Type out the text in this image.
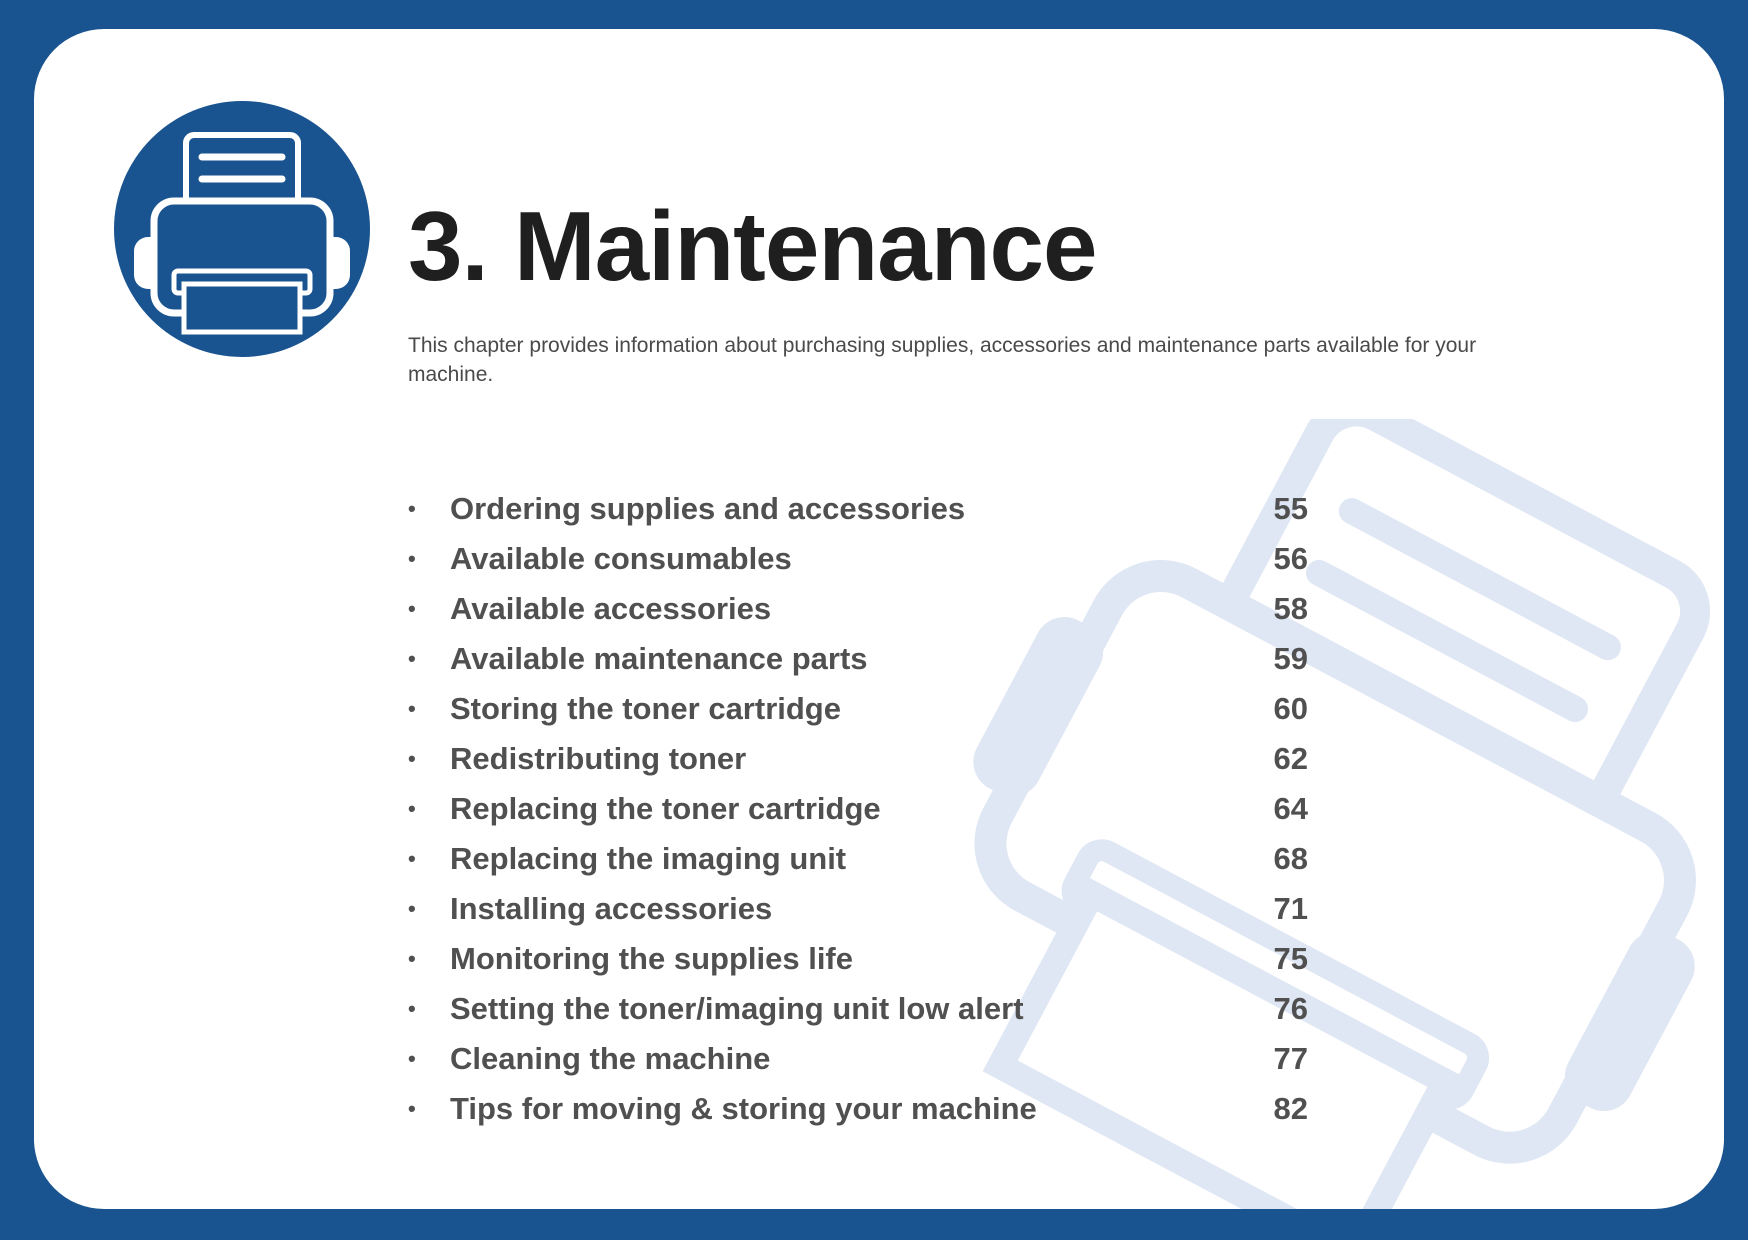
3. Maintenance

This chapter provides information about purchasing supplies, accessories and maintenance parts available for your machine.

• Ordering supplies and accessories	55
• Available consumables	56
• Available accessories	58
• Available maintenance parts	59
• Storing the toner cartridge	60
• Redistributing toner	62
• Replacing the toner cartridge	64
• Replacing the imaging unit	68
• Installing accessories	71
• Monitoring the supplies life	75
• Setting the toner/imaging unit low alert	76
• Cleaning the machine	77
• Tips for moving & storing your machine	82
